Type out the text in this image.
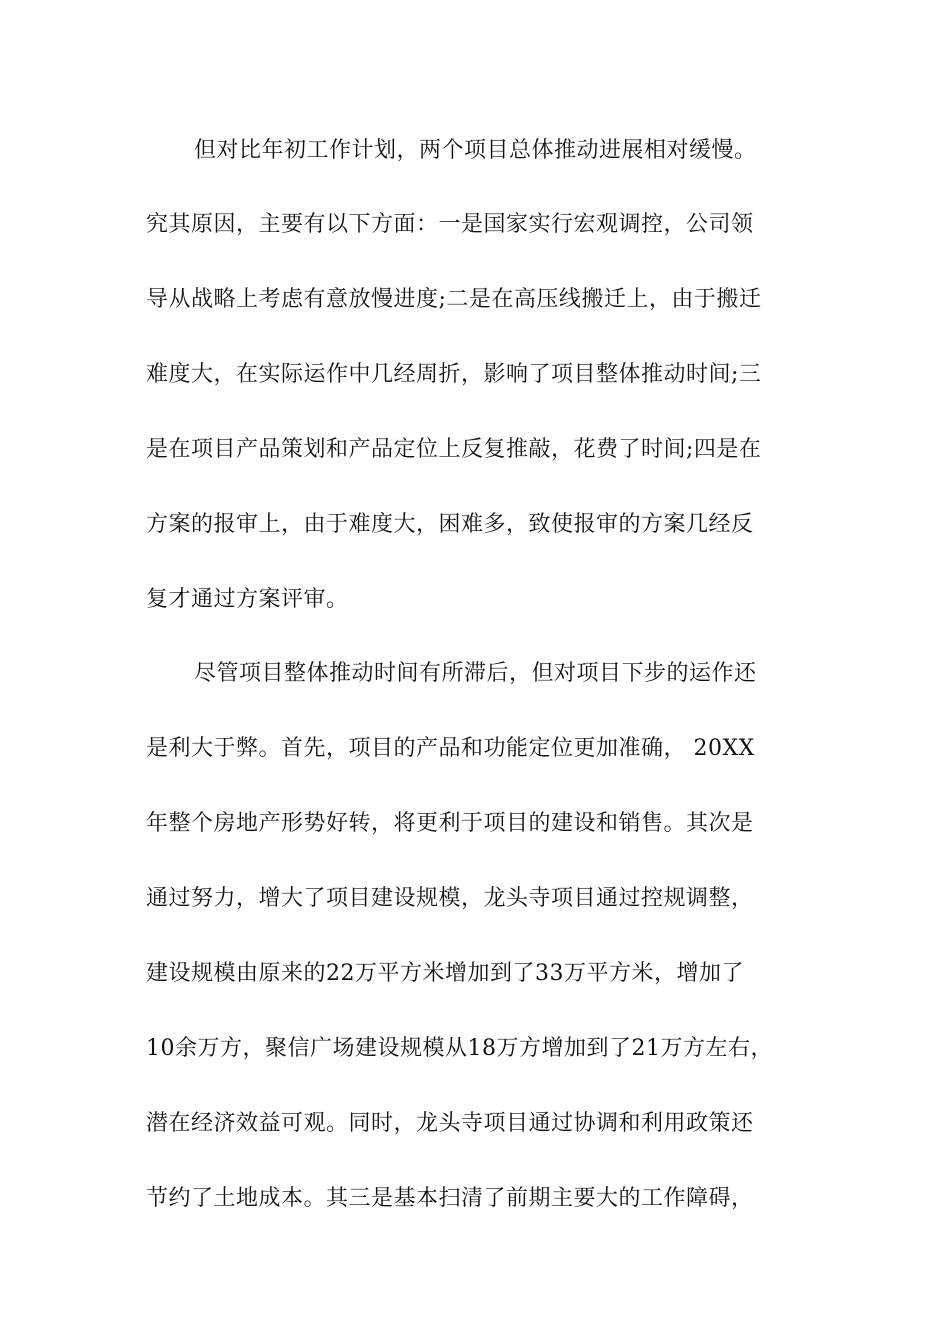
但对比年初工作计划，两个项目总体推动进展相对缓慢。
究其原因，主要有以下方面：一是国家实行宏观调控，公司领
导从战略上考虑有意放慢进度;二是在高压线搬迁上，由于搬迁
难度大，在实际运作中几经周折，影响了项目整体推动时间;三
是在项目产品策划和产品定位上反复推敲，花费了时间;四是在
方案的报审上，由于难度大，困难多，致使报审的方案几经反
复才通过方案评审。
尽管项目整体推动时间有所滞后，但对项目下步的运作还
是利大于弊。首先，项目的产品和功能定位更加准确， 20XX
年整个房地产形势好转，将更利于项目的建设和销售。其次是
通过努力，增大了项目建设规模，龙头寺项目通过控规调整，
建设规模由原来的22万平方米增加到了33万平方米，增加了
10余万方，聚信广场建设规模从18万方增加到了21万方左右，
潜在经济效益可观。同时，龙头寺项目通过协调和利用政策还
节约了土地成本。其三是基本扫清了前期主要大的工作障碍，
